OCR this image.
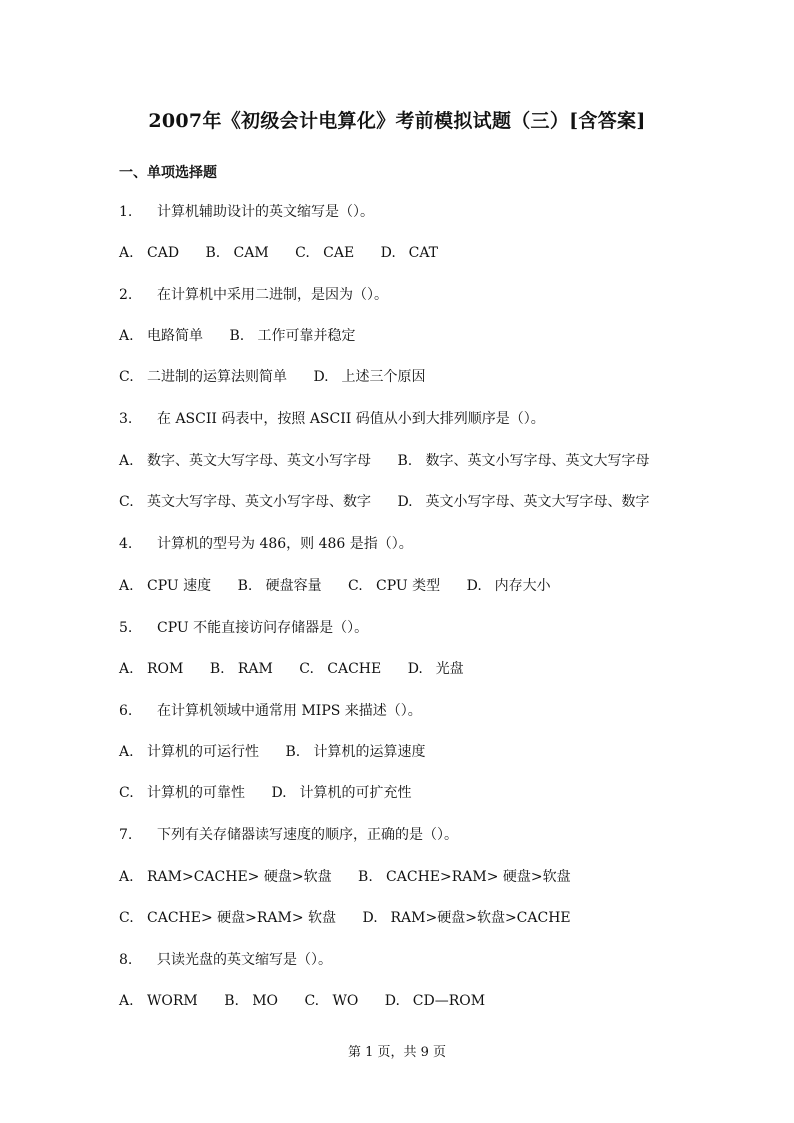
2007年《初级会计电算化》考前模拟试题（三）[含答案]
一、单项选择题
1. 计算机辅助设计的英文缩写是（）。
A. CAD B. CAM C. CAE D. CAT
2. 在计算机中采用二进制，是因为（）。
A. 电路简单 B. 工作可靠并稳定
C. 二进制的运算法则简单 D. 上述三个原因
3. 在 ASCII 码表中，按照 ASCII 码值从小到大排列顺序是（）。
A. 数字、英文大写字母、英文小写字母 B. 数字、英文小写字母、英文大写字母
C. 英文大写字母、英文小写字母、数字 D. 英文小写字母、英文大写字母、数字
4. 计算机的型号为 486，则 486 是指（）。
A. CPU 速度 B. 硬盘容量 C. CPU 类型 D. 内存大小
5. CPU 不能直接访问存储器是（）。
A. ROM B. RAM C. CACHE D. 光盘
6. 在计算机领域中通常用 MIPS 来描述（）。
A. 计算机的可运行性 B. 计算机的运算速度
C. 计算机的可靠性 D. 计算机的可扩充性
7. 下列有关存储器读写速度的顺序，正确的是（）。
A. RAM>CACHE> 硬盘>软盘 B. CACHE>RAM> 硬盘>软盘
C. CACHE> 硬盘>RAM> 软盘 D. RAM>硬盘>软盘>CACHE
8. 只读光盘的英文缩写是（）。
A. WORM B. MO C. WO D. CD—ROM
第 1 页，共 9 页
